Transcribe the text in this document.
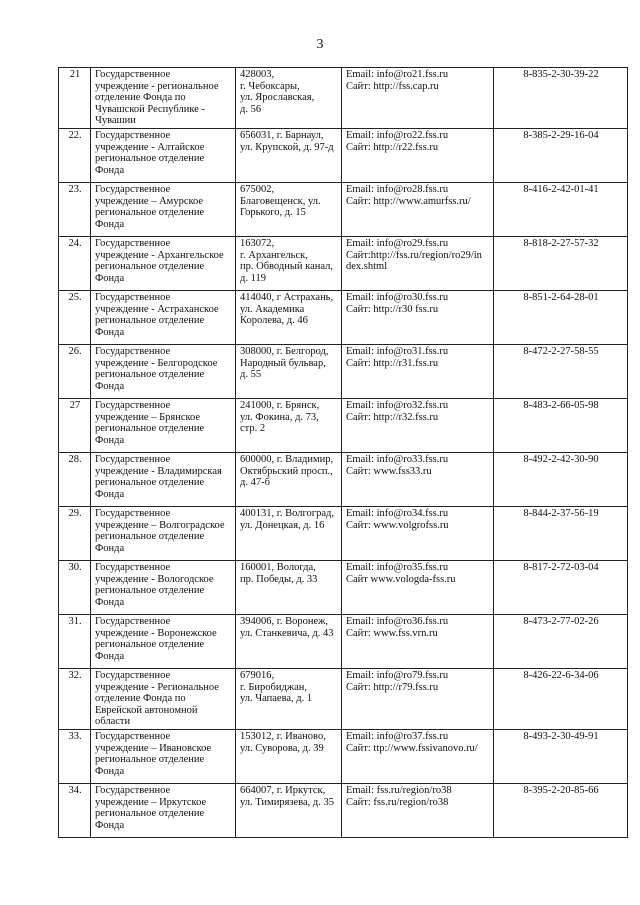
3
21	Государственное
учреждение - региональное
отделение Фонда по
Чувашской Республике -
Чувашии	428003,
г. Чебоксары,
ул. Ярославская,
д. 56	Email: info@ro21.fss.ru
Сайт: http://fss.cap.ru	8-835-2-30-39-22
22.	Государственное
учреждение - Алтайское
региональное отделение
Фонда	656031, г. Барнаул,
ул. Крупской, д. 97-д	Email: info@ro22.fss.ru
Сайт: http://r22.fss.ru	8-385-2-29-16-04
23.	Государственное
учреждение – Амурское
региональное отделение
Фонда	675002,
Благовещенск, ул.
Горького, д. 15	Email: info@ro28.fss.ru
Сайт: http://www.amurfss.ru/	8-416-2-42-01-41
24.	Государственное
учреждение - Архангельское
региональное отделение
Фонда	163072,
г. Архангельск,
пр. Обводный канал,
д. 119	Email: info@ro29.fss.ru
Сайт:http://fss.ru/region/ro29/in
dex.shtml	8-818-2-27-57-32
25.	Государственное
учреждение - Астраханское
региональное отделение
Фонда	414040, г Астрахань,
ул. Академика
Королева, д. 46	Email: info@ro30.fss.ru
Сайт: http://r30 fss.ru	8-851-2-64-28-01
26.	Государственное
учреждение - Белгородское
региональное отделение
Фонда	308000, г. Белгород,
Народный бульвар,
д. 55	Email: info@ro31.fss.ru
Сайт: http://r31.fss.ru	8-472-2-27-58-55
27	Государственное
учреждение – Брянское
региональное отделение
Фонда	241000, г. Брянск,
ул. Фокина, д. 73,
стр. 2	Email: info@ro32.fss.ru
Сайт: http://r32.fss.ru	8-483-2-66-05-98
28.	Государственное
учреждение - Владимирская
региональное отделение
Фонда	600000, г. Владимир,
Октябрьский просп.,
д. 47-б	Email: info@ro33.fss.ru
Сайт: www.fss33.ru	8-492-2-42-30-90
29.	Государственное
учреждение – Волгоградское
региональное отделение
Фонда	400131, г. Волгоград,
ул. Донецкая, д. 16	Email: info@ro34.fss.ru
Сайт: www.volgrofss.ru	8-844-2-37-56-19
30.	Государственное
учреждение - Вологодское
региональное отделение
Фонда	160001, Вологда,
пр. Победы, д. 33	Email: info@ro35.fss.ru
Сайт www.vologda-fss.ru	8-817-2-72-03-04
31.	Государственное
учреждение - Воронежское
региональное отделение
Фонда	394006, г. Воронеж,
ул. Станкевича, д. 43	Email: info@ro36.fss.ru
Сайт: www.fss.vrn.ru	8-473-2-77-02-26
32.	Государственное
учреждение - Региональное
отделение Фонда по
Еврейской автономной
области	679016,
г. Биробиджан,
ул. Чапаева, д. 1	Email: info@ro79.fss.ru
Сайт: http://r79.fss.ru	8-426-22-6-34-06
33.	Государственное
учреждение – Ивановское
региональное отделение
Фонда	153012, г. Иваново,
ул. Суворова, д. 39	Email: info@ro37.fss.ru
Сайт: ttp://www.fssivanovo.ru/	8-493-2-30-49-91
34.	Государственное
учреждение – Иркутское
региональное отделение
Фонда	664007, г. Иркутск,
ул. Тимирязева, д. 35	Email: fss.ru/region/ro38
Сайт: fss.ru/region/ro38	8-395-2-20-85-66
